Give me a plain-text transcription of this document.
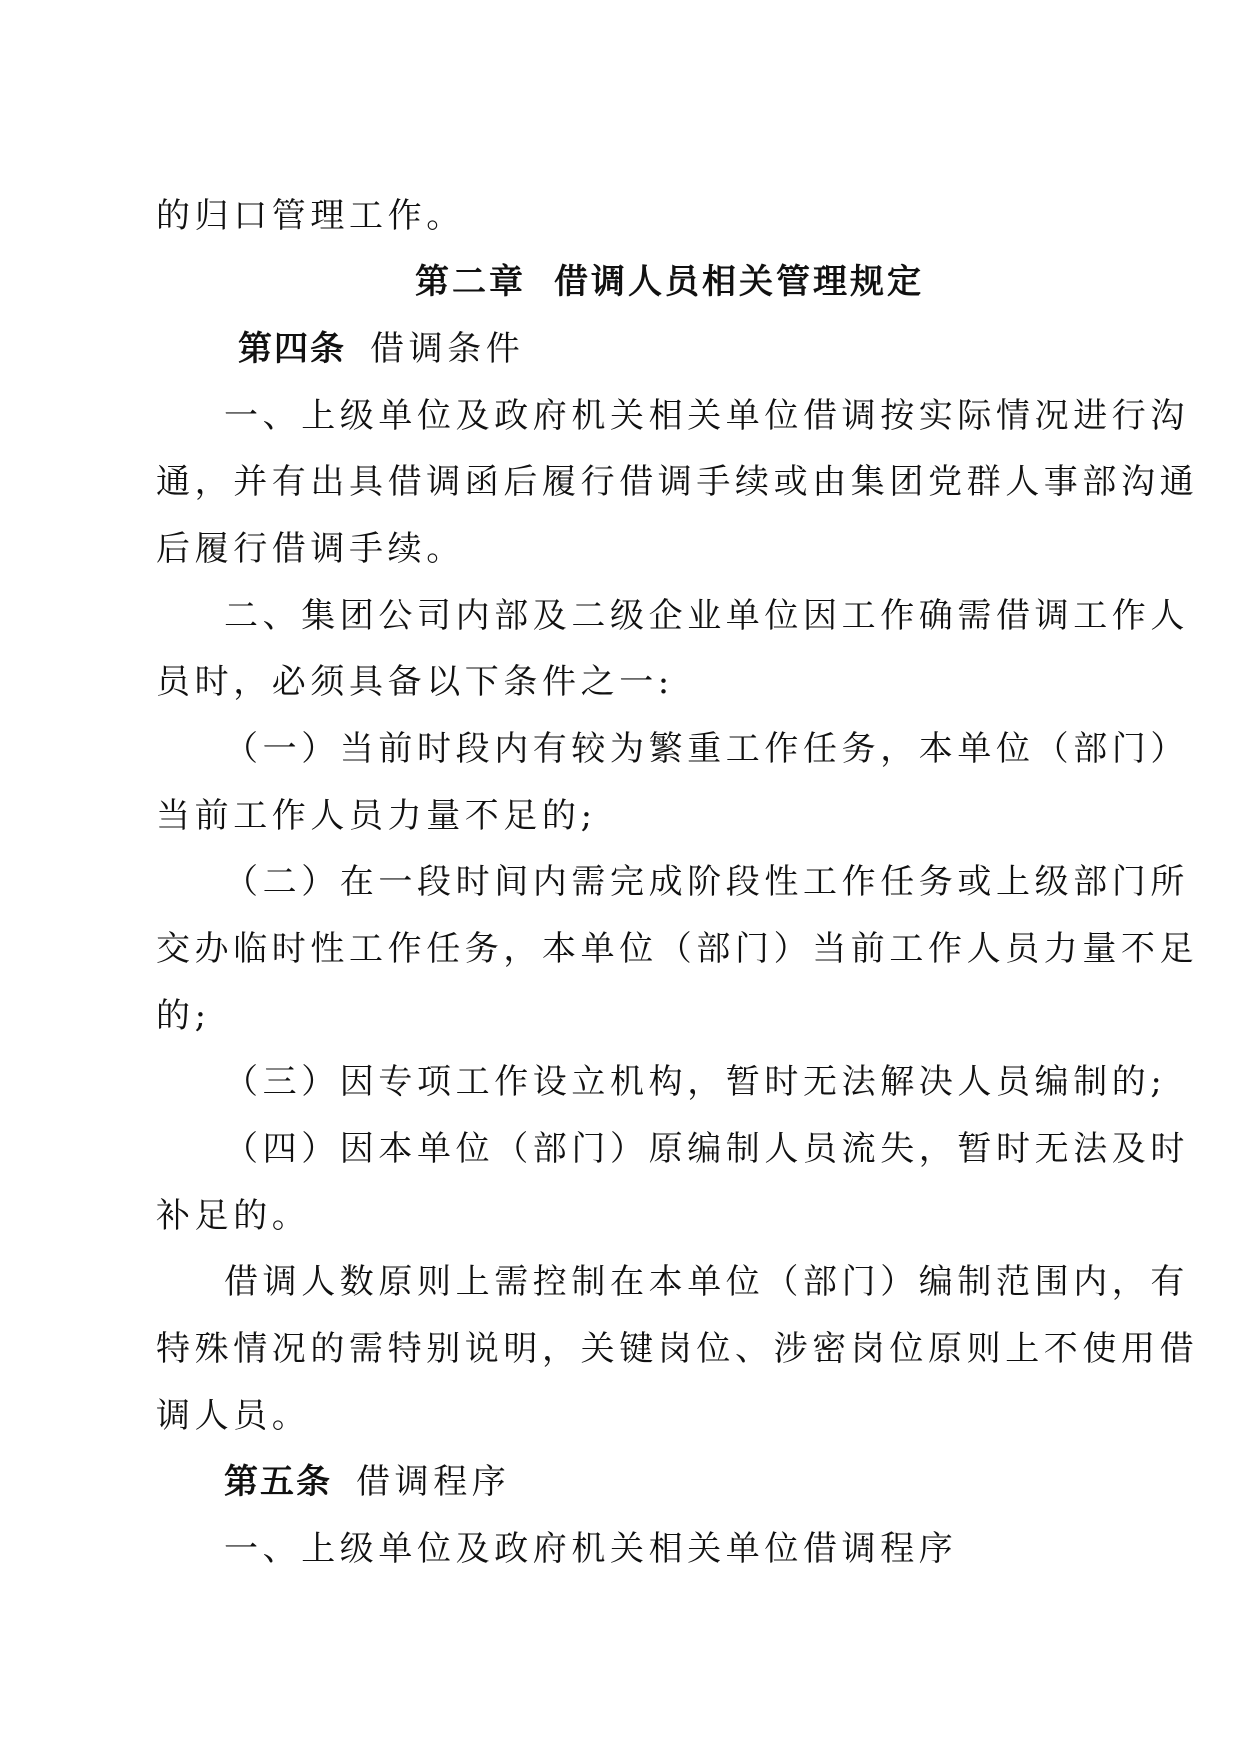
的归口管理工作。
第二章 借调人员相关管理规定
第四条 借调条件
一、上级单位及政府机关相关单位借调按实际情况进行沟
通，并有出具借调函后履行借调手续或由集团党群人事部沟通
后履行借调手续。
二、集团公司内部及二级企业单位因工作确需借调工作人
员时，必须具备以下条件之一:
（一）当前时段内有较为繁重工作任务，本单位（部门）
当前工作人员力量不足的;
（二）在一段时间内需完成阶段性工作任务或上级部门所
交办临时性工作任务，本单位（部门）当前工作人员力量不足
的;
（三）因专项工作设立机构，暂时无法解决人员编制的;
（四）因本单位（部门）原编制人员流失，暂时无法及时
补足的。
借调人数原则上需控制在本单位（部门）编制范围内，有
特殊情况的需特别说明，关键岗位、涉密岗位原则上不使用借
调人员。
第五条 借调程序
一、上级单位及政府机关相关单位借调程序
